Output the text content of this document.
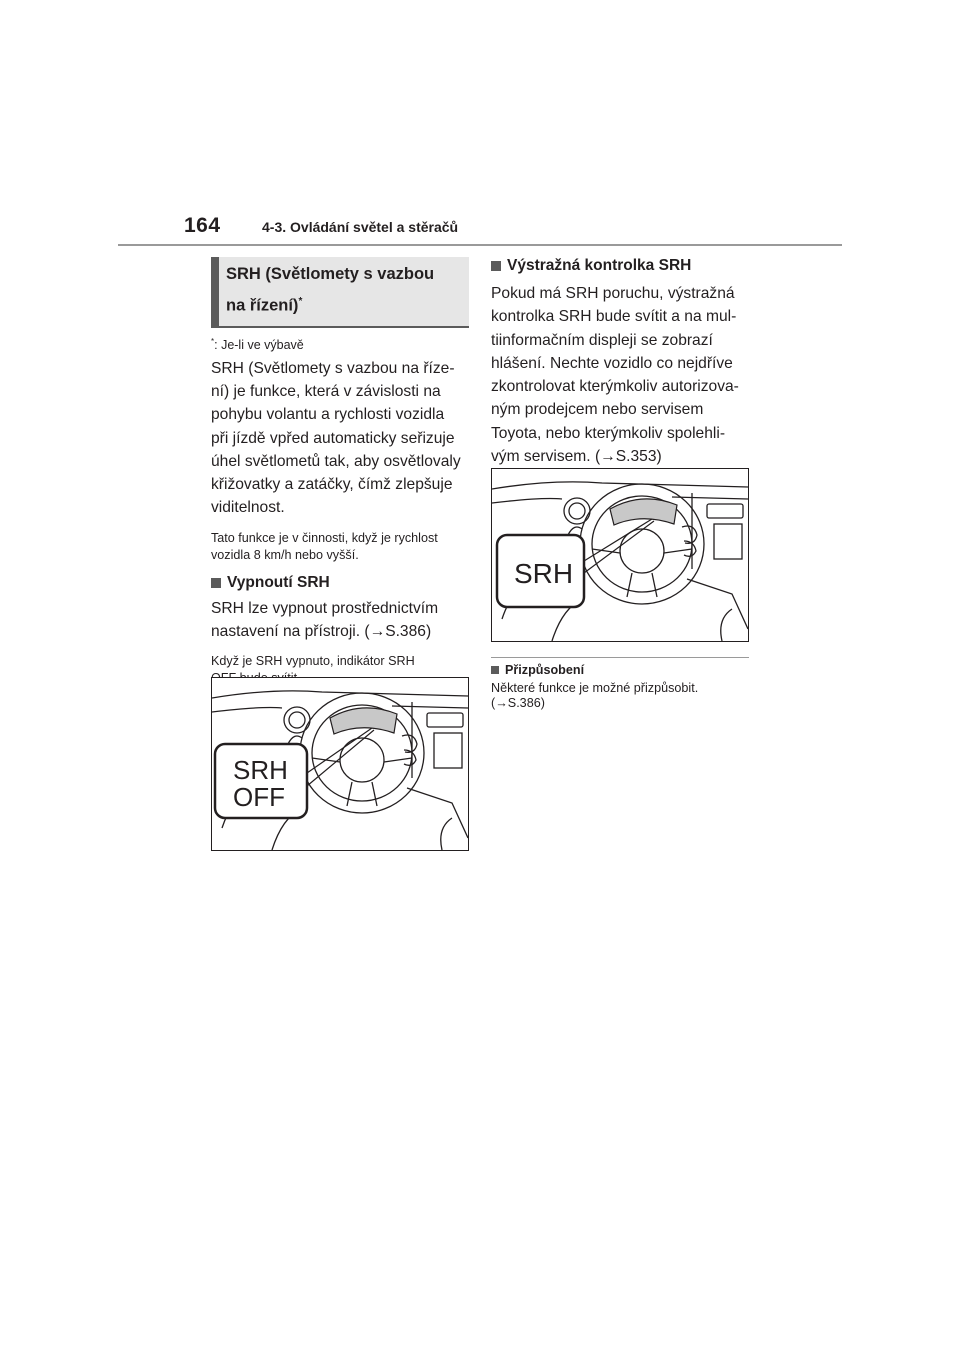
164	4-3. Ovládání světel a stěračů
SRH (Světlomety s vazbou
na řízení)*
*: Je-li ve výbavě
SRH (Světlomety s vazbou na říze-
ní) je funkce, která v závislosti na
pohybu volantu a rychlosti vozidla
při jízdě vpřed automaticky seřizuje
úhel světlometů tak, aby osvětlovaly
křižovatky a zatáčky, čímž zlepšuje
viditelnost.
Tato funkce je v činnosti, když je rychlost
vozidla 8 km/h nebo vyšší.
Vypnoutí SRH
SRH lze vypnout prostřednictvím
nastavení na přístroji. (→S.386)
Když je SRH vypnuto, indikátor SRH
SRH
OFF
Výstražná kontrolka SRH
Pokud má SRH poruchu, výstražná
kontrolka SRH bude svítit a na mul-
tiinformačním displeji se zobrazí
hlášení. Nechte vozidlo co nejdříve
zkontrolovat kterýmkoliv autorizova-
ným prodejcem nebo servisem
Toyota, nebo kterýmkoliv spolehli-
vým servisem. (→S.353)
SRH
Přizpůsobení
Některé funkce je možné přizpůsobit.
(→S.386)
